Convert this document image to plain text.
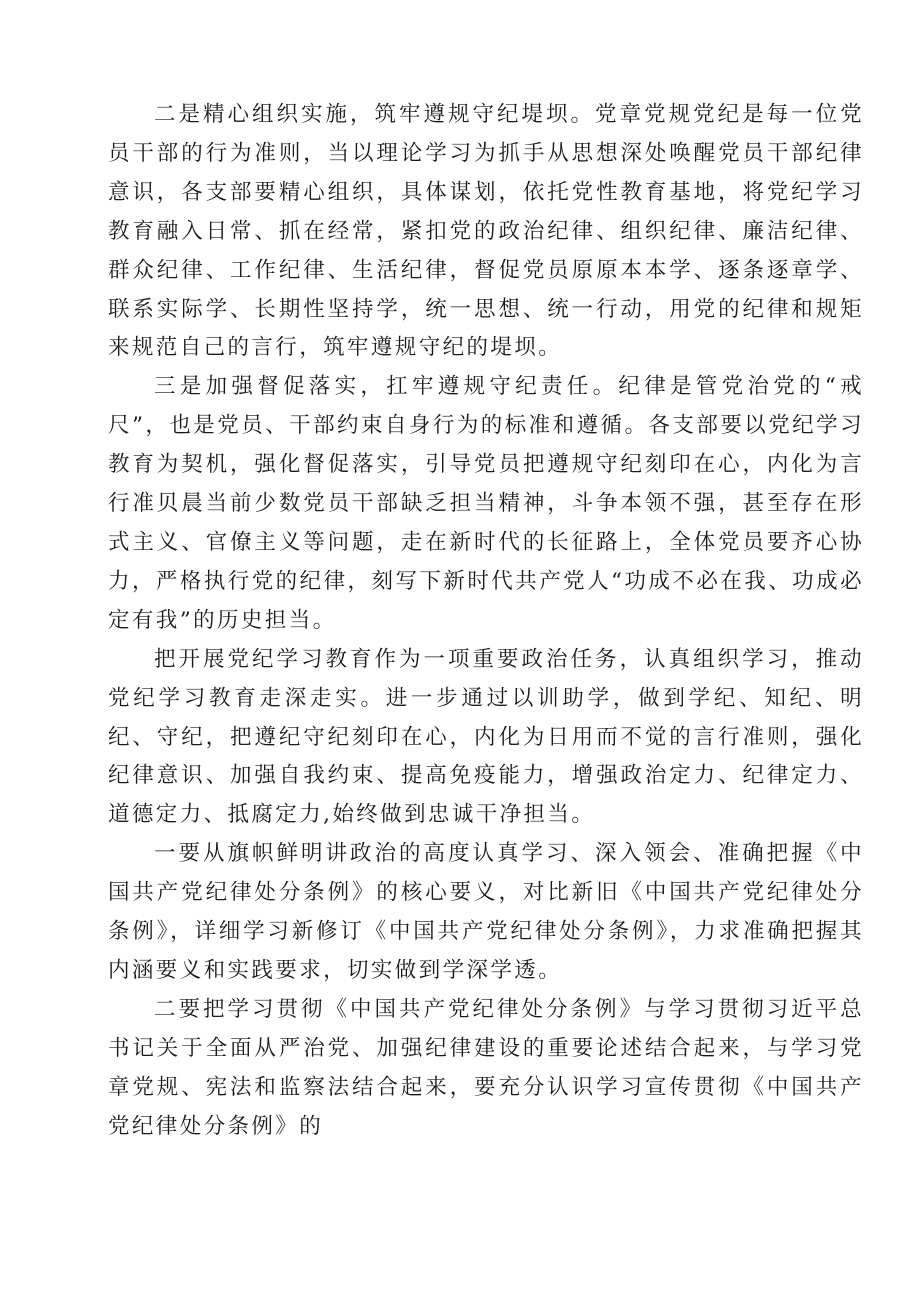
二是精心组织实施，筑牢遵规守纪堤坝。党章党规党纪是每一位党员干部的行为准则，当以理论学习为抓手从思想深处唤醒党员干部纪律意识，各支部要精心组织，具体谋划，依托党性教育基地，将党纪学习教育融入日常、抓在经常，紧扣党的政治纪律、组织纪律、廉洁纪律、群众纪律、工作纪律、生活纪律，督促党员原原本本学、逐条逐章学、联系实际学、长期性坚持学，统一思想、统一行动，用党的纪律和规矩来规范自己的言行，筑牢遵规守纪的堤坝。

三是加强督促落实，扛牢遵规守纪责任。纪律是管党治党的“戒尺”，也是党员、干部约束自身行为的标准和遵循。各支部要以党纪学习教育为契机，强化督促落实，引导党员把遵规守纪刻印在心，内化为言行准贝晨当前少数党员干部缺乏担当精神，斗争本领不强，甚至存在形式主义、官僚主义等问题，走在新时代的长征路上，全体党员要齐心协力，严格执行党的纪律，刻写下新时代共产党人“功成不必在我、功成必定有我”的历史担当。

把开展党纪学习教育作为一项重要政治任务，认真组织学习，推动党纪学习教育走深走实。进一步通过以训助学，做到学纪、知纪、明纪、守纪，把遵纪守纪刻印在心，内化为日用而不觉的言行准则，强化纪律意识、加强自我约束、提高免疫能力，增强政治定力、纪律定力、道德定力、抵腐定力,始终做到忠诚干净担当。

一要从旗帜鲜明讲政治的高度认真学习、深入领会、准确把握《中国共产党纪律处分条例》的核心要义，对比新旧《中国共产党纪律处分条例》，详细学习新修订《中国共产党纪律处分条例》，力求准确把握其内涵要义和实践要求，切实做到学深学透。

二要把学习贯彻《中国共产党纪律处分条例》与学习贯彻习近平总书记关于全面从严治党、加强纪律建设的重要论述结合起来，与学习党章党规、宪法和监察法结合起来，要充分认识学习宣传贯彻《中国共产党纪律处分条例》的
